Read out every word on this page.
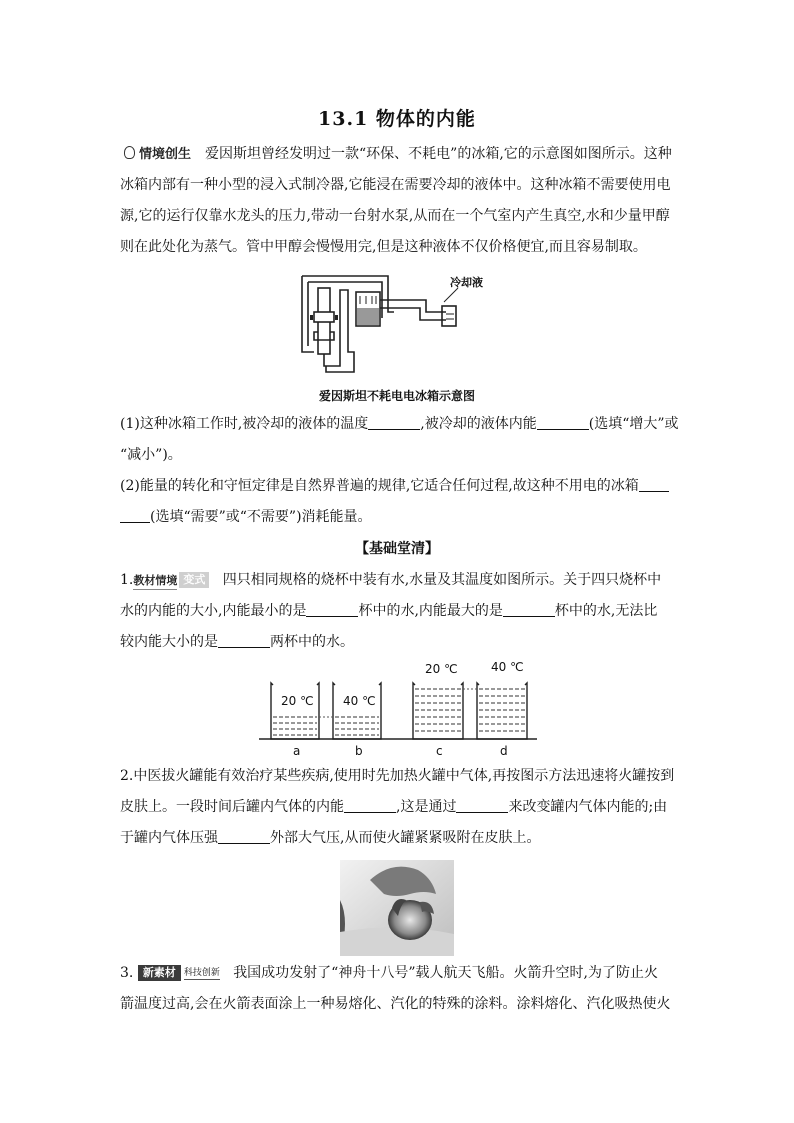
13.1 物体的内能
情境创生 爱因斯坦曾经发明过一款“环保、不耗电”的冰箱,它的示意图如图所示。这种
冰箱内部有一种小型的浸入式制冷器,它能浸在需要冷却的液体中。这种冰箱不需要使用电
源,它的运行仅靠水龙头的压力,带动一台射水泵,从而在一个气室内产生真空,水和少量甲醇
则在此处化为蒸气。管中甲醇会慢慢用完,但是这种液体不仅价格便宜,而且容易制取。
冷却液
爱因斯坦不耗电电冰箱示意图
(1)这种冰箱工作时,被冷却的液体的温度	,被冷却的液体内能	(选填“增大”或
“减小”)。
(2)能量的转化和守恒定律是自然界普遍的规律,它适合任何过程,故这种不用电的冰箱
(选填“需要”或“不需要”)消耗能量。
【基础堂清】
1.教材情境 变式 四只相同规格的烧杯中装有水,水量及其温度如图所示。关于四只烧杯中
水的内能的大小,内能最小的是	杯中的水,内能最大的是	杯中的水,无法比
较内能大小的是	两杯中的水。
20 ℃ 40 ℃
20 ℃	40 ℃
a	b	c	d
2.中医拔火罐能有效治疗某些疾病,使用时先加热火罐中气体,再按图示方法迅速将火罐按到
皮肤上。一段时间后罐内气体的内能	,这是通过	来改变罐内气体内能的;由
于罐内气体压强	外部大气压,从而使火罐紧紧吸附在皮肤上。
3. 新素材 科技创新 我国成功发射了“神舟十八号”载人航天飞船。火箭升空时,为了防止火
箭温度过高,会在火箭表面涂上一种易熔化、汽化的特殊的涂料。涂料熔化、汽化吸热使火
